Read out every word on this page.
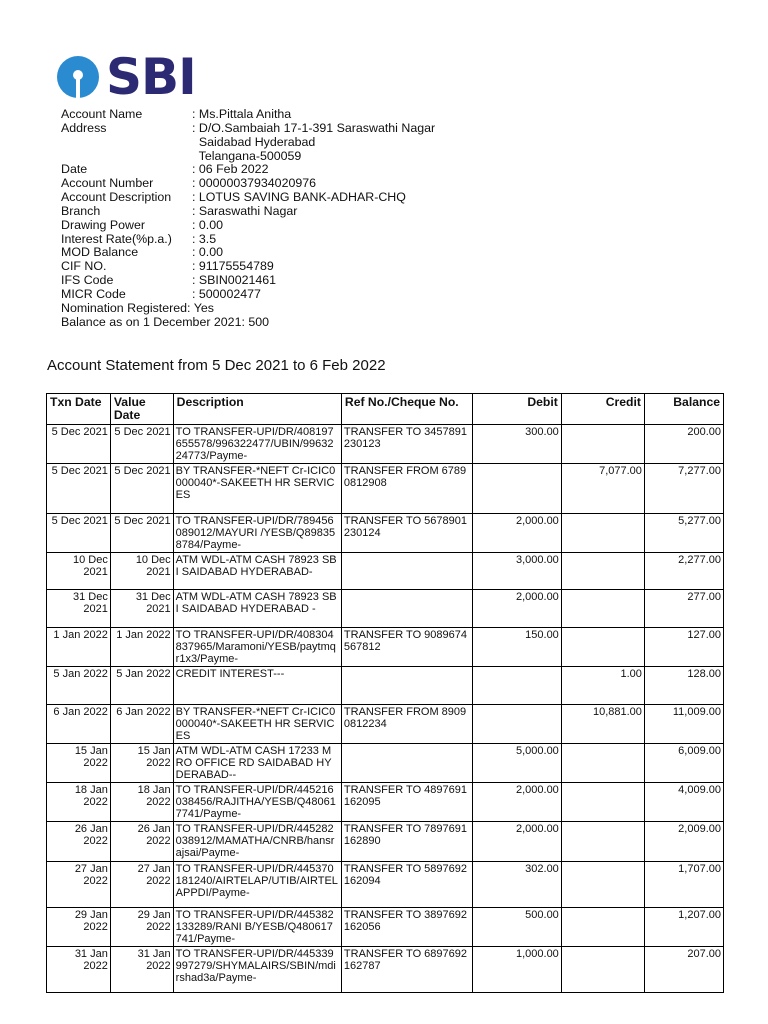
SBI
Account Name	: Ms.Pittala Anitha
Address	: D/O.Sambaiah 17-1-391 Saraswathi Nagar
Saidabad Hyderabad
Telangana-500059
Date	: 06 Feb 2022
Account Number	: 00000037934020976
Account Description	: LOTUS SAVING BANK-ADHAR-CHQ
Branch	: Saraswathi Nagar
Drawing Power	: 0.00
Interest Rate(%p.a.)	: 3.5
MOD Balance	: 0.00
CIF NO.	: 91175554789
IFS Code	: SBIN0021461
MICR Code	: 500002477
Nomination Registered: Yes
Balance as on 1 December 2021: 500
Account Statement from 5 Dec 2021 to 6 Feb 2022
Txn Date	Value Date	Description	Ref No./Cheque No.	Debit	Credit	Balance
5 Dec 2021	5 Dec 2021	TO TRANSFER-UPI/DR/408197655578/996322477/UBIN/9963224773/Payme-	TRANSFER TO 3457891230123	300.00		200.00
5 Dec 2021	5 Dec 2021	BY TRANSFER-*NEFT Cr-ICIC0000040*-SAKEETH HR SERVICES	TRANSFER FROM 67890812908		7,077.00	7,277.00
5 Dec 2021	5 Dec 2021	TO TRANSFER-UPI/DR/789456089012/MAYURI /YESB/Q898358784/Payme-	TRANSFER TO 5678901230124	2,000.00		5,277.00
10 Dec 2021	10 Dec 2021	ATM WDL-ATM CASH 78923 SBI SAIDABAD HYDERABAD-		3,000.00		2,277.00
31 Dec 2021	31 Dec 2021	ATM WDL-ATM CASH 78923 SBI SAIDABAD HYDERABAD -		2,000.00		277.00
1 Jan 2022	1 Jan 2022	TO TRANSFER-UPI/DR/408304837965/Maramoni/YESB/paytmqr1x3/Payme-	TRANSFER TO 9089674567812	150.00		127.00
5 Jan 2022	5 Jan 2022	CREDIT INTEREST---			1.00	128.00
6 Jan 2022	6 Jan 2022	BY TRANSFER-*NEFT Cr-ICIC0000040*-SAKEETH HR SERVICES	TRANSFER FROM 89090812234		10,881.00	11,009.00
15 Jan 2022	15 Jan 2022	ATM WDL-ATM CASH 17233 MRO OFFICE RD SAIDABAD HYDERABAD--		5,000.00		6,009.00
18 Jan 2022	18 Jan 2022	TO TRANSFER-UPI/DR/445216038456/RAJITHA/YESB/Q480617741/Payme-	TRANSFER TO 4897691162095	2,000.00		4,009.00
26 Jan 2022	26 Jan 2022	TO TRANSFER-UPI/DR/445282038912/MAMATHA/CNRB/hansrajsai/Payme-	TRANSFER TO 7897691162890	2,000.00		2,009.00
27 Jan 2022	27 Jan 2022	TO TRANSFER-UPI/DR/445370181240/AIRTELAP/UTIB/AIRTELAPPDI/Payme-	TRANSFER TO 5897692162094	302.00		1,707.00
29 Jan 2022	29 Jan 2022	TO TRANSFER-UPI/DR/445382133289/RANI B/YESB/Q480617741/Payme-	TRANSFER TO 3897692162056	500.00		1,207.00
31 Jan 2022	31 Jan 2022	TO TRANSFER-UPI/DR/445339997279/SHYMALAIRS/SBIN/mdirshad3a/Payme-	TRANSFER TO 6897692162787	1,000.00		207.00
